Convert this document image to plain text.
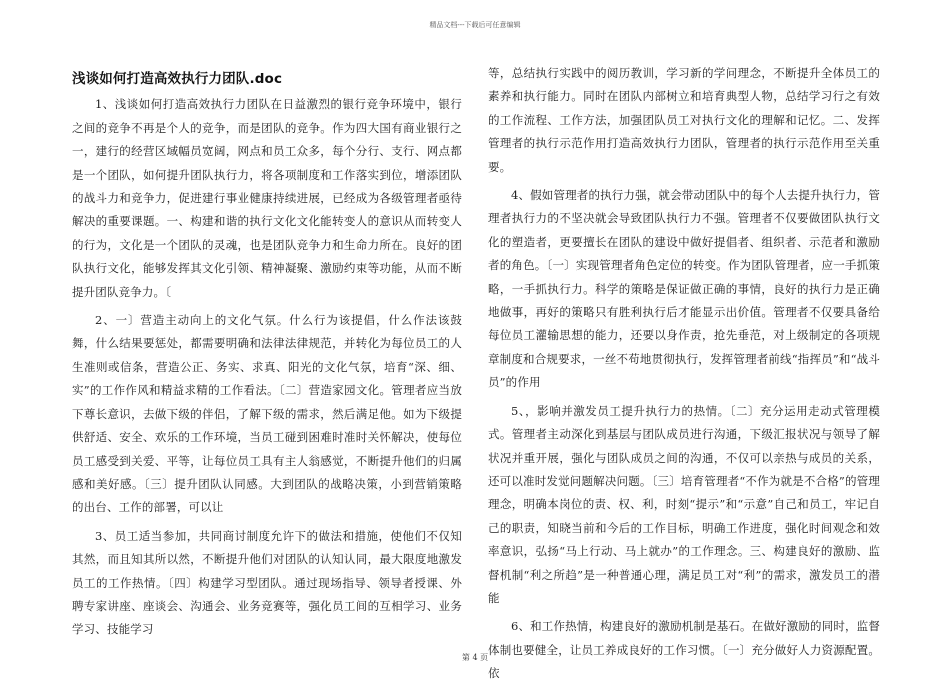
精品文档---下载后可任意编辑
浅谈如何打造高效执行力团队.doc

1、浅谈如何打造高效执行力团队在日益激烈的银行竞争环境中，银行之间的竞争不再是个人的竞争，而是团队的竞争。作为四大国有商业银行之一，建行的经营区域幅员宽阔，网点和员工众多，每个分行、支行、网点都是一个团队，如何提升团队执行力，将各项制度和工作落实到位，增添团队的战斗力和竞争力，促进建行事业健康持续进展，已经成为各级管理者亟待解决的重要课题。一、构建和谐的执行文化文化能转变人的意识从而转变人的行为，文化是一个团队的灵魂，也是团队竞争力和生命力所在。良好的团队执行文化，能够发挥其文化引领、精神凝聚、激励约束等功能，从而不断提升团队竞争力。〔

2、一〕营造主动向上的文化气氛。什么行为该提倡，什么作法该鼓舞，什么结果要惩处，都需要明确和法律法律规范，并转化为每位员工的人生准则或信条，营造公正、务实、求真、阳光的文化气氛，培育“深、细、实”的工作作风和精益求精的工作看法。〔二〕营造家园文化。管理者应当放下尊长意识，去做下级的伴侣，了解下级的需求，然后满足他。如为下级提供舒适、安全、欢乐的工作环境，当员工碰到困难时准时关怀解决，使每位员工感受到关爱、平等，让每位员工具有主人翁感觉，不断提升他们的归属感和美好感。〔三〕提升团队认同感。大到团队的战略决策，小到营销策略的出台、工作的部署，可以让

3、员工适当参加，共同商讨制度允许下的做法和措施，使他们不仅知其然，而且知其所以然，不断提升他们对团队的认知认同，最大限度地激发员工的工作热情。〔四〕构建学习型团队。通过现场指导、领导者授课、外聘专家讲座、座谈会、沟通会、业务竞赛等，强化员工间的互相学习、业务学习、技能学习

等，总结执行实践中的阅历教训，学习新的学问理念，不断提升全体员工的素养和执行能力。同时在团队内部树立和培育典型人物，总结学习行之有效的工作流程、工作方法，加强团队员工对执行文化的理解和记忆。二、发挥管理者的执行示范作用打造高效执行力团队，管理者的执行示范作用至关重要。

4、假如管理者的执行力强，就会带动团队中的每个人去提升执行力，管理者执行力的不坚决就会导致团队执行力不强。管理者不仅要做团队执行文化的塑造者，更要擅长在团队的建设中做好提倡者、组织者、示范者和激励者的角色。〔一〕实现管理者角色定位的转变。作为团队管理者，应一手抓策略，一手抓执行力。科学的策略是保证做正确的事情，良好的执行力是正确地做事，再好的策略只有胜利执行后才能显示出价值。管理者不仅要具备给每位员工灌输思想的能力，还要以身作责，抢先垂范，对上级制定的各项规章制度和合规要求，一丝不苟地贯彻执行，发挥管理者前线“指挥员”和“战斗员”的作用

5、，影响并激发员工提升执行力的热情。〔二〕充分运用走动式管理模式。管理者主动深化到基层与团队成员进行沟通，下级汇报状况与领导了解状况并重开展，强化与团队成员之间的沟通，不仅可以亲热与成员的关系，还可以准时发觉问题解决问题。〔三〕培育管理者“不作为就是不合格”的管理理念，明确本岗位的责、权、利，时刻“提示”和“示意”自己和员工，牢记自己的职责，知晓当前和今后的工作目标，明确工作进度，强化时间观念和效率意识，弘扬“马上行动、马上就办”的工作理念。三、构建良好的激励、监督机制“利之所趋”是一种普通心理，满足员工对“利”的需求，激发员工的潜能

6、和工作热情，构建良好的激励机制是基石。在做好激励的同时，监督体制也要健全，让员工养成良好的工作习惯。〔一〕充分做好人力资源配置。依

第 4 页
